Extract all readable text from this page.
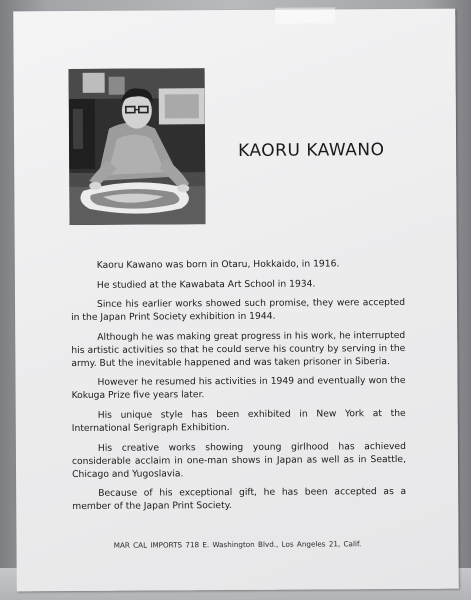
KAORU KAWANO

Kaoru Kawano was born in Otaru, Hokkaido, in 1916.

He studied at the Kawabata Art School in 1934.

Since his earlier works showed such promise, they were accepted in the Japan Print Society exhibition in 1944.

Although he was making great progress in his work, he interrupted his artistic activities so that he could serve his country by serving in the army. But the inevitable happened and was taken prisoner in Siberia.

However he resumed his activities in 1949 and eventually won the Kokuga Prize five years later.

His unique style has been exhibited in New York at the International Serigraph Exhibition.

His creative works showing young girlhood has achieved considerable acclaim in one-man shows in Japan as well as in Seattle, Chicago and Yugoslavia.

Because of his exceptional gift, he has been accepted as a member of the Japan Print Society.

MAR CAL IMPORTS 718 E. Washington Blvd., Los Angeles 21, Calif.
